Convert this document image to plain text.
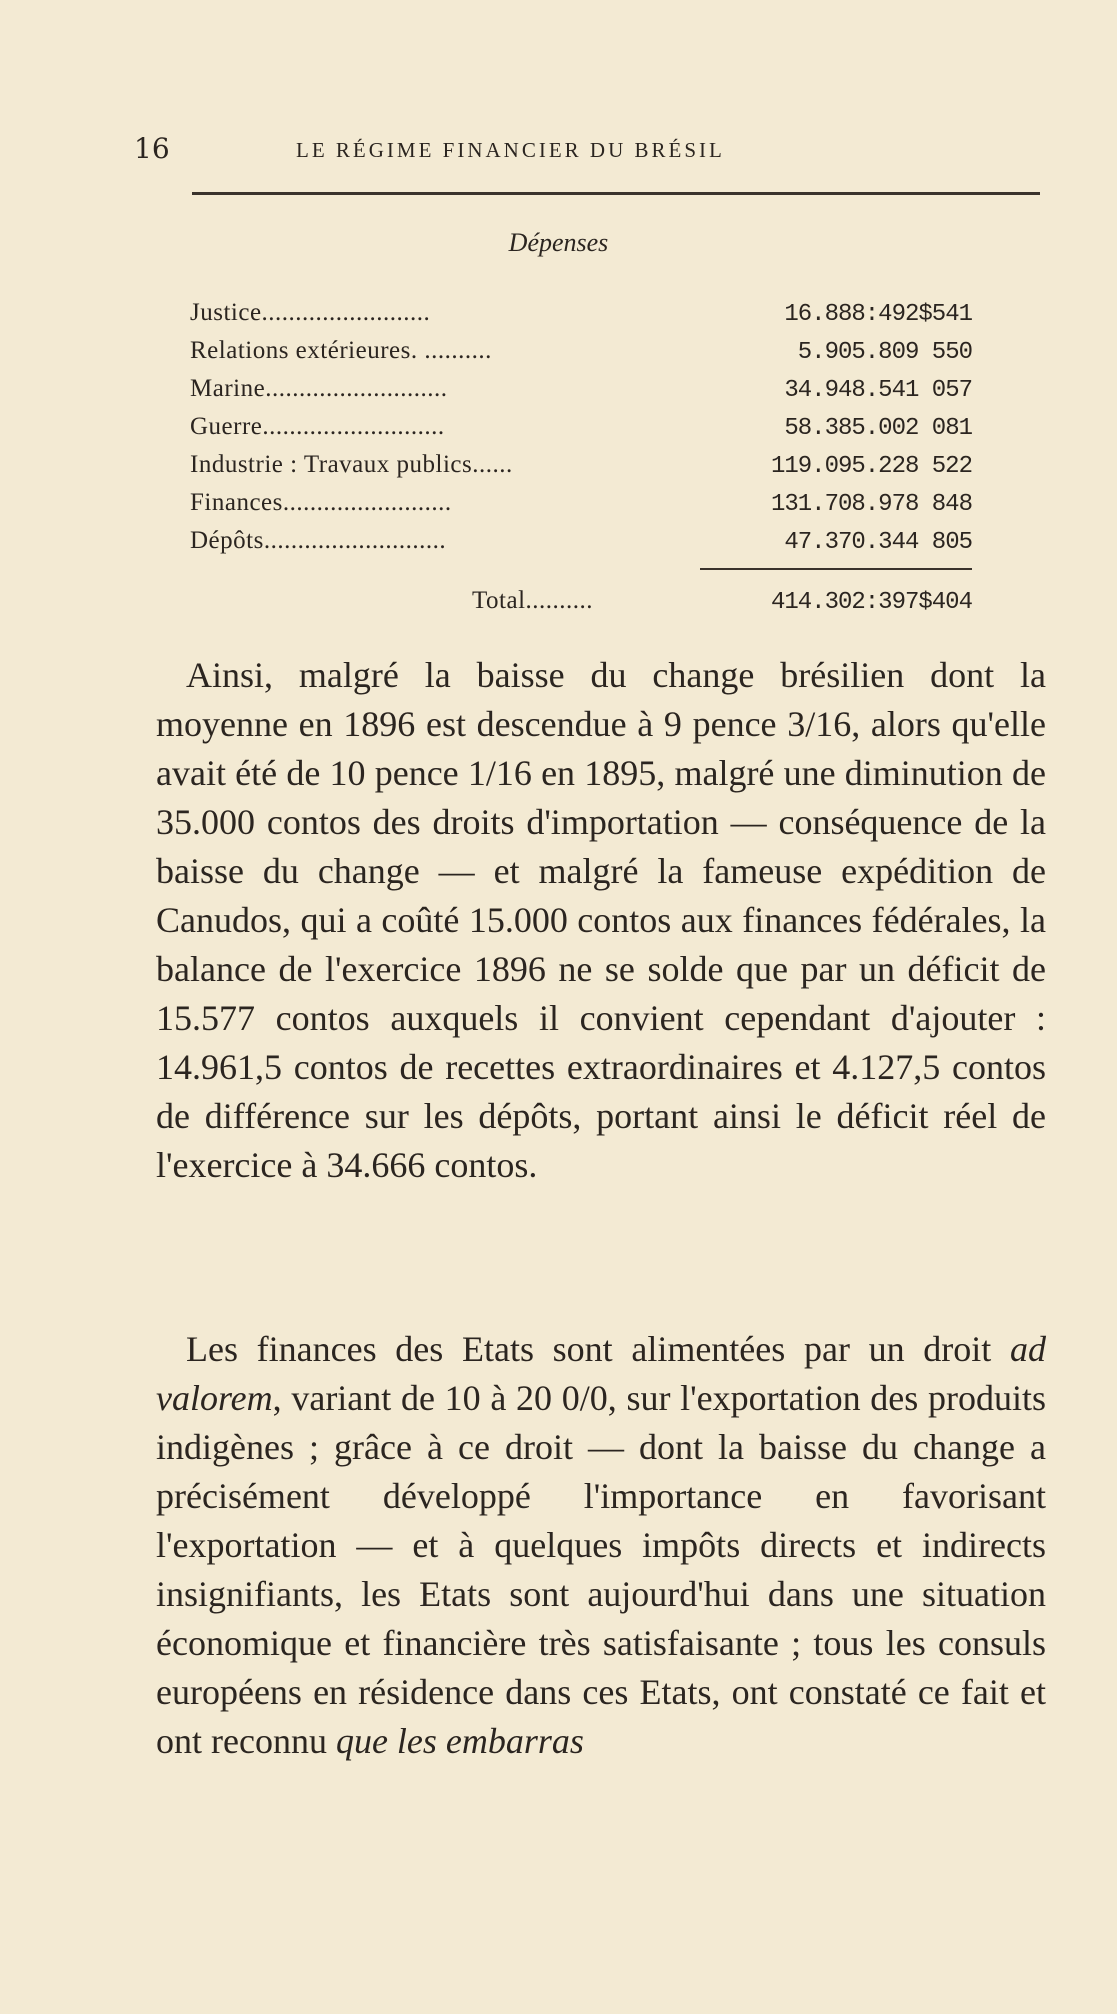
16	LE RÉGIME FINANCIER DU BRÉSIL
Dépenses
Justice.........................	16.888:492$541
Relations extérieures. ..........	5.905.809 550
Marine...........................	34.948.541 057
Guerre...........................	58.385.002 081
Industrie : Travaux publics......	119.095.228 522
Finances.........................	131.708.978 848
Dépôts...........................	47.370.344 805
Total..........	414.302:397$404

Ainsi, malgré la baisse du change brésilien dont la moyenne en 1896 est descendue à 9 pence 3/16, alors qu'elle avait été de 10 pence 1/16 en 1895, malgré une diminution de 35.000 contos des droits d'importation — conséquence de la baisse du change — et malgré la fameuse expédition de Canudos, qui a coûté 15.000 contos aux finances fédérales, la balance de l'exercice 1896 ne se solde que par un déficit de 15.577 contos auxquels il convient cependant d'ajouter : 14.961,5 contos de recettes extraordinaires et 4.127,5 contos de différence sur les dépôts, portant ainsi le déficit réel de l'exercice à 34.666 contos.

Les finances des Etats sont alimentées par un droit ad valorem, variant de 10 à 20 0/0, sur l'exportation des produits indigènes ; grâce à ce droit — dont la baisse du change a précisément développé l'importance en favorisant l'exportation — et à quelques impôts directs et indirects insignifiants, les Etats sont aujourd'hui dans une situation économique et financière très satisfaisante ; tous les consuls européens en résidence dans ces Etats, ont constaté ce fait et ont reconnu que les embarras
